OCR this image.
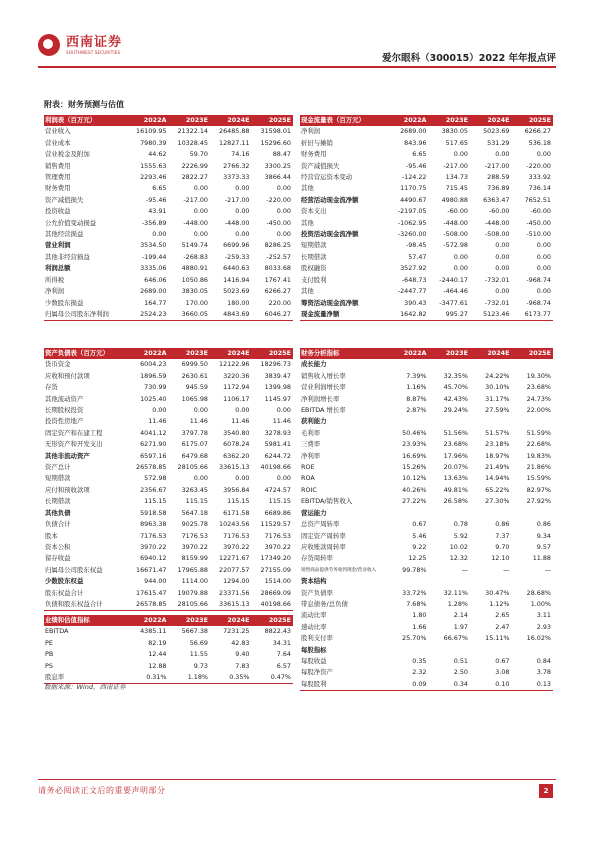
西南证券
SOUTHWEST SECURITIES
爱尔眼科（300015）2022 年年报点评
附表：财务预测与估值
利润表（百万元）	2022A	2023E	2024E	2025E
营业收入	16109.95	21322.14	26485.88	31598.01
营业成本	7980.39	10328.45	12827.11	15296.60
营业税金及附加	44.62	59.70	74.16	88.47
销售费用	1555.63	2226.99	2766.32	3300.25
管理费用	2293.46	2822.27	3373.33	3866.44
财务费用	6.65	0.00	0.00	0.00
资产减值损失	-95.46	-217.00	-217.00	-220.00
投资收益	43.91	0.00	0.00	0.00
公允价值变动损益	-356.89	-448.00	-448.00	-450.00
其他经营损益	0.00	0.00	0.00	0.00
营业利润	3534.50	5149.74	6699.96	8286.25
其他非经营损益	-199.44	-268.83	-259.33	-252.57
利润总额	3335.06	4880.91	6440.63	8033.68
所得税	646.06	1050.86	1416.94	1767.41
净利润	2689.00	3830.05	5023.69	6266.27
少数股东损益	164.77	170.00	180.00	220.00
归属母公司股东净利润	2524.23	3660.05	4843.69	6046.27
现金流量表（百万元）	2022A	2023E	2024E	2025E
净利润	2689.00	3830.05	5023.69	6266.27
折旧与摊销	843.96	517.65	531.29	536.18
财务费用	6.65	0.00	0.00	0.00
资产减值损失	-95.46	-217.00	-217.00	-220.00
经营营运资本变动	-124.22	134.73	288.59	333.92
其他	1170.75	715.45	736.89	736.14
经营活动现金流净额	4490.67	4980.88	6363.47	7652.51
资本支出	-2197.05	-60.00	-60.00	-60.00
其他	-1062.95	-448.00	-448.00	-450.00
投资活动现金流净额	-3260.00	-508.00	-508.00	-510.00
短期借款	-98.45	-572.98	0.00	0.00
长期借款	57.47	0.00	0.00	0.00
股权融资	3527.92	0.00	0.00	0.00
支付股利	-648.73	-2440.17	-732.01	-968.74
其他	-2447.77	-464.46	0.00	0.00
筹资活动现金流净额	390.43	-3477.61	-732.01	-968.74
现金流量净额	1642.82	995.27	5123.46	6173.77
资产负债表（百万元）	2022A	2023E	2024E	2025E
货币资金	6004.23	6999.50	12122.96	18296.73
应收和预付款项	1896.59	2630.61	3220.36	3839.47
存货	730.99	945.59	1172.94	1399.98
其他流动资产	1025.40	1065.98	1106.17	1145.97
长期股权投资	0.00	0.00	0.00	0.00
投资性房地产	11.46	11.46	11.46	11.46
固定资产和在建工程	4041.12	3797.78	3540.80	3278.93
无形资产和开发支出	6271.90	6175.07	6078.24	5981.41
其他非流动资产	6597.16	6479.68	6362.20	6244.72
资产总计	26578.85	28105.66	33615.13	40198.66
短期借款	572.98	0.00	0.00	0.00
应付和预收款项	2356.67	3263.45	3956.84	4724.57
长期借款	115.15	115.15	115.15	115.15
其他负债	5918.58	5647.18	6171.58	6689.86
负债合计	8963.38	9025.78	10243.56	11529.57
股本	7176.53	7176.53	7176.53	7176.53
资本公积	3970.22	3970.22	3970.22	3970.22
留存收益	6940.12	8159.99	12271.67	17349.20
归属母公司股东权益	16671.47	17965.88	22077.57	27155.09
少数股东权益	944.00	1114.00	1294.00	1514.00
股东权益合计	17615.47	19079.88	23371.56	28669.09
负债和股东权益合计	26578.85	28105.66	33615.13	40198.66
财务分析指标	2022A	2023E	2024E	2025E
成长能力				
销售收入增长率	7.39%	32.35%	24.22%	19.30%
营业利润增长率	1.16%	45.70%	30.10%	23.68%
净利润增长率	8.87%	42.43%	31.17%	24.73%
EBITDA 增长率	2.87%	29.24%	27.59%	22.00%
获利能力				
毛利率	50.46%	51.56%	51.57%	51.59%
三费率	23.93%	23.68%	23.18%	22.68%
净利率	16.69%	17.96%	18.97%	19.83%
ROE	15.26%	20.07%	21.49%	21.86%
ROA	10.12%	13.63%	14.94%	15.59%
ROIC	40.26%	49.81%	65.22%	82.97%
EBITDA/销售收入	27.22%	26.58%	27.30%	27.92%
营运能力				
总资产周转率	0.67	0.78	0.86	0.86
固定资产周转率	5.46	5.92	7.37	9.34
应收账款周转率	9.22	10.02	9.70	9.57
存货周转率	12.25	12.32	12.10	11.88
销售商品提供劳务收到现金/营业收入	99.78%	—	—	—
资本结构				
资产负债率	33.72%	32.11%	30.47%	28.68%
带息债务/总负债	7.68%	1.28%	1.12%	1.00%
流动比率	1.80	2.14	2.65	3.11
速动比率	1.66	1.97	2.47	2.93
股利支付率	25.70%	66.67%	15.11%	16.02%
每股指标				
每股收益	0.35	0.51	0.67	0.84
每股净资产	2.32	2.50	3.08	3.78
每股股利	0.09	0.34	0.10	0.13
业绩和估值指标	2022A	2023E	2024E	2025E
EBITDA	4385.11	5667.38	7231.25	8822.43
PE	82.19	56.69	42.83	34.31
PB	12.44	11.55	9.40	7.64
PS	12.88	9.73	7.83	6.57
股息率	0.31%	1.18%	0.35%	0.47%
数据来源：Wind，西南证券
请务必阅读正文后的重要声明部分	2
